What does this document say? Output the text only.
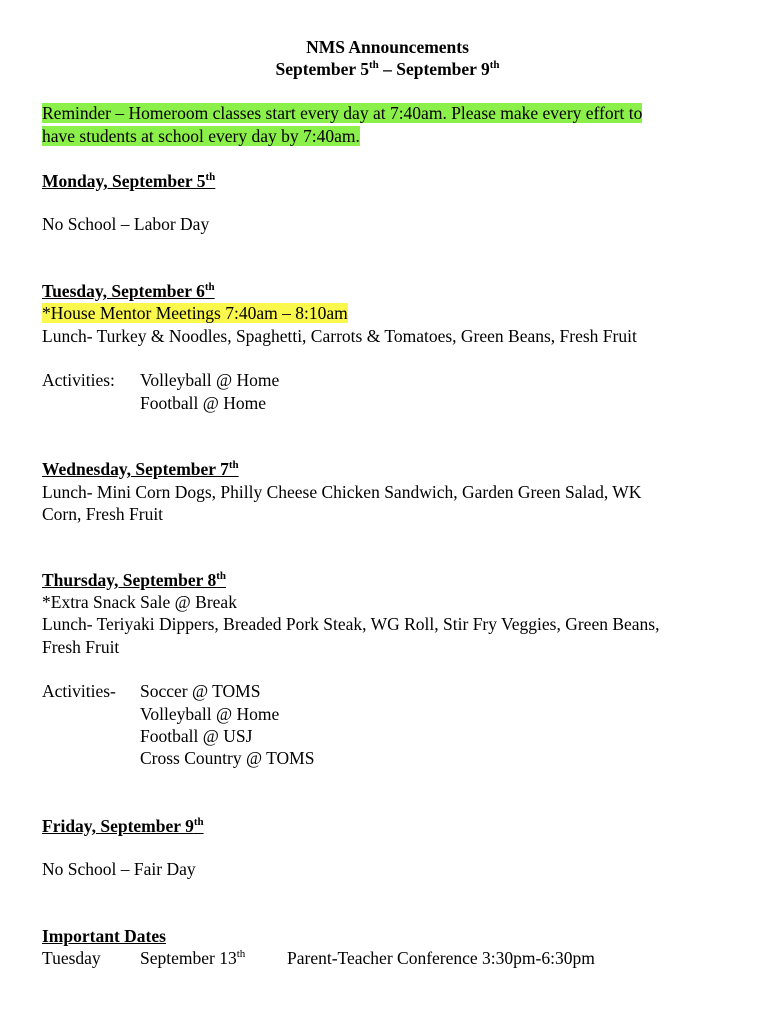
NMS Announcements
September 5th – September 9th
Reminder – Homeroom classes start every day at 7:40am. Please make every effort to
have students at school every day by 7:40am.
Monday, September 5th
No School – Labor Day
Tuesday, September 6th
*House Mentor Meetings 7:40am – 8:10am
Lunch- Turkey & Noodles, Spaghetti, Carrots & Tomatoes, Green Beans, Fresh Fruit
Activities: Volleyball @ Home
Football @ Home
Wednesday, September 7th
Lunch- Mini Corn Dogs, Philly Cheese Chicken Sandwich, Garden Green Salad, WK
Corn, Fresh Fruit
Thursday, September 8th
*Extra Snack Sale @ Break
Lunch- Teriyaki Dippers, Breaded Pork Steak, WG Roll, Stir Fry Veggies, Green Beans,
Fresh Fruit
Activities- Soccer @ TOMS
Volleyball @ Home
Football @ USJ
Cross Country @ TOMS
Friday, September 9th
No School – Fair Day
Important Dates
Tuesday September 13th Parent-Teacher Conference 3:30pm-6:30pm
